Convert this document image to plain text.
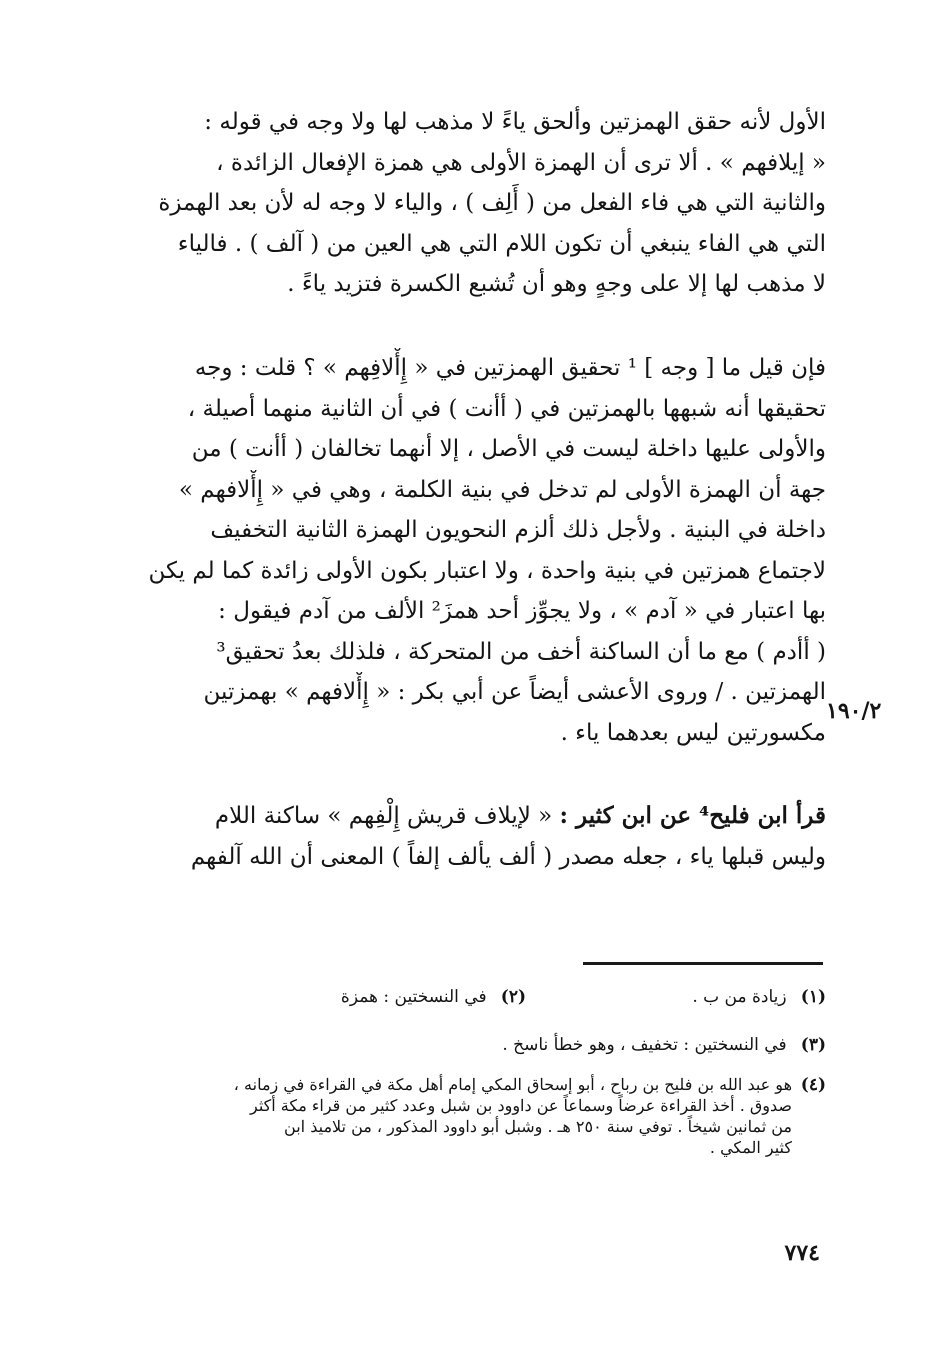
الأول لأنه حقق الهمزتين وألحق ياءً لا مذهب لها ولا وجه في قوله :
« إيلافهم » . ألا ترى أن الهمزة الأولى هي همزة الإفعال الزائدة ،
والثانية التي هي فاء الفعل من ( أَلِف ) ، والياء لا وجه له لأن بعد الهمزة
التي هي الفاء ينبغي أن تكون اللام التي هي العين من ( آلف ) . فالياء
لا مذهب لها إلا على وجهٍ وهو أن تُشبع الكسرة فتزيد ياءً .
فإن قيل ما [ وجه ] ¹ تحقيق الهمزتين في « إِأْلافِهم » ؟ قلت : وجه
تحقيقها أنه شبهها بالهمزتين في ( أأنت ) في أن الثانية منهما أصيلة ،
والأولى عليها داخلة ليست في الأصل ، إلا أنهما تخالفان ( أأنت ) من
جهة أن الهمزة الأولى لم تدخل في بنية الكلمة ، وهي في « إِأْلافهم »
داخلة في البنية . ولأجل ذلك ألزم النحويون الهمزة الثانية التخفيف
لاجتماع همزتين في بنية واحدة ، ولا اعتبار بكون الأولى زائدة كما لم يكن
بها اعتبار في « آدم » ، ولا يجوِّز أحد همزَ² الألف من آدم فيقول :
( أأدم ) مع ما أن الساكنة أخف من المتحركة ، فلذلك بعدُ تحقيق³
الهمزتين . / وروى الأعشى أيضاً عن أبي بكر : « إِأْلافهم » بهمزتين
مكسورتين ليس بعدهما ياء .
١٩٠/٢
قرأ ابن فليح⁴ عن ابن كثير : « لإيلاف قريش إِلْفِهم » ساكنة اللام
وليس قبلها ياء ، جعله مصدر ( ألف يألف إلفاً ) المعنى أن الله آلفهم
(١) زيادة من ب .
(٢) في النسختين : همزة
(٣) في النسختين : تخفيف ، وهو خطأ ناسخ .
(٤)
هو عبد الله بن فليح بن رباح ، أبو إسحاق المكي إمام أهل مكة في القراءة في زمانه ،
صدوق . أخذ القراءة عرضاً وسماعاً عن داوود بن شبل وعدد كثير من قراء مكة أكثر
من ثمانين شيخاً . توفي سنة ٢٥٠ هـ . وشبل أبو داوود المذكور ، من تلاميذ ابن
كثير المكي .
٧٧٤
